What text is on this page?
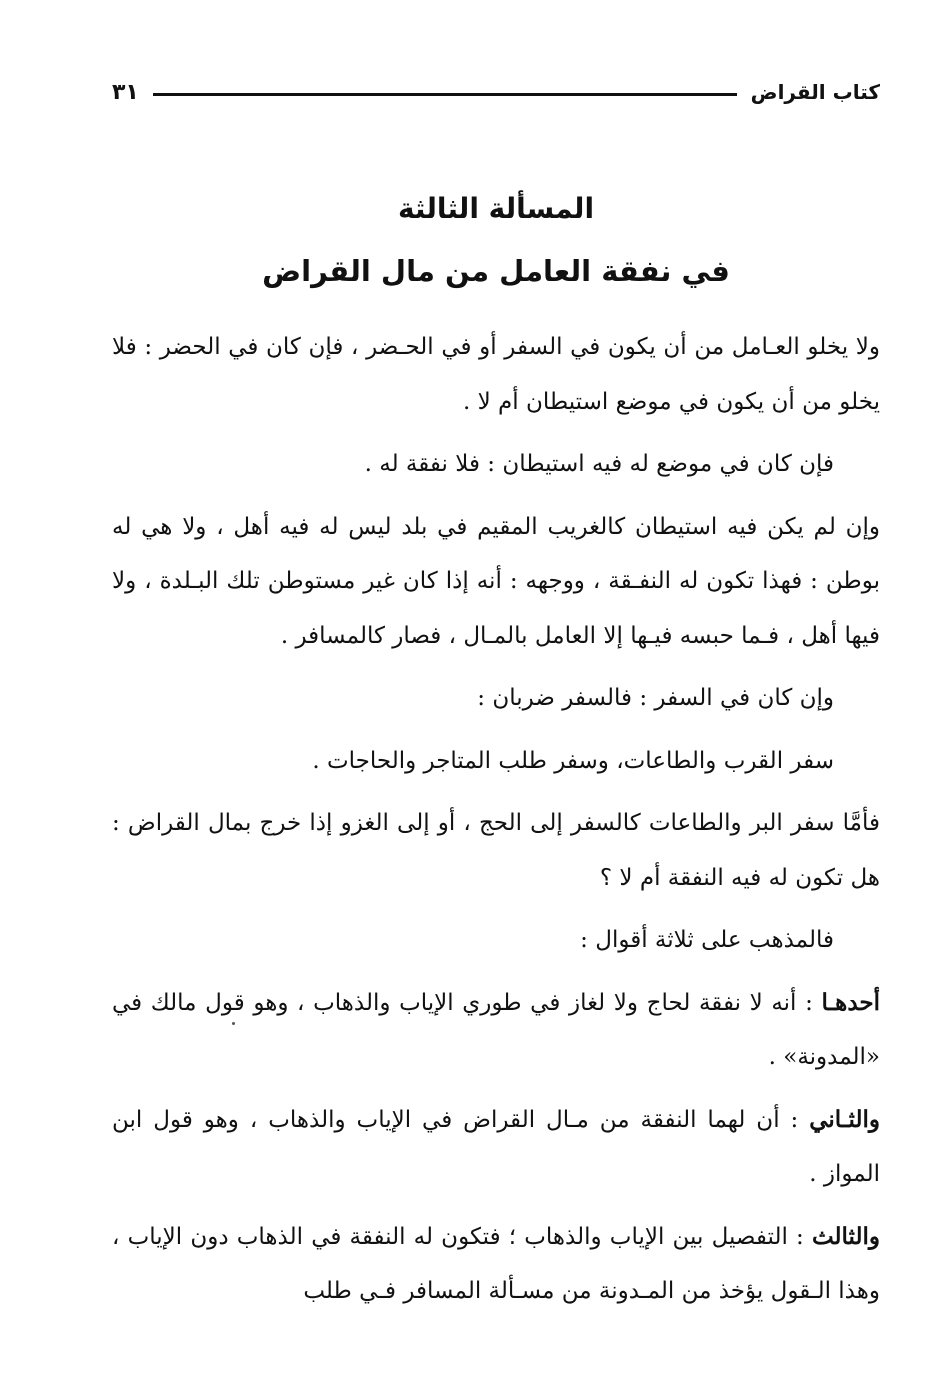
كتاب القراض
٣١
المسألة الثالثة
في نفقة العامل من مال القراض

ولا يخلو العـامل من أن يكون في السفر أو في الحـضر ، فإن كان في الحضر : فلا يخلو من أن يكون في موضع استيطان أم لا .

فإن كان في موضع له فيه استيطان : فلا نفقة له .

وإن لم يكن فيه استيطان كالغريب المقيم في بلد ليس له فيه أهل ، ولا هي له بوطن : فهذا تكون له النفـقة ، ووجهه : أنه إذا كان غير مستوطن تلك البـلدة ، ولا فيها أهل ، فـما حبسه فيـها إلا العامل بالمـال ، فصار كالمسافر .

وإن كان في السفر : فالسفر ضربان :

سفر القرب والطاعات، وسفر طلب المتاجر والحاجات .

فأمَّا سفر البر والطاعات كالسفر إلى الحج ، أو إلى الغزو إذا خرج بمال القراض : هل تكون له فيه النفقة أم لا ؟

فالمذهب على ثلاثة أقوال :

أحدهـا : أنه لا نفقة لحاج ولا لغاز في طوري الإياب والذهاب ، وهو قول مالك في «المدونة» .

والثـاني : أن لهما النفقة من مـال القراض في الإياب والذهاب ، وهو قول ابن المواز .

والثالث : التفصيل بين الإياب والذهاب ؛ فتكون له النفقة في الذهاب دون الإياب ، وهذا الـقول يؤخذ من المـدونة من مسـألة المسافر فـي طلب
